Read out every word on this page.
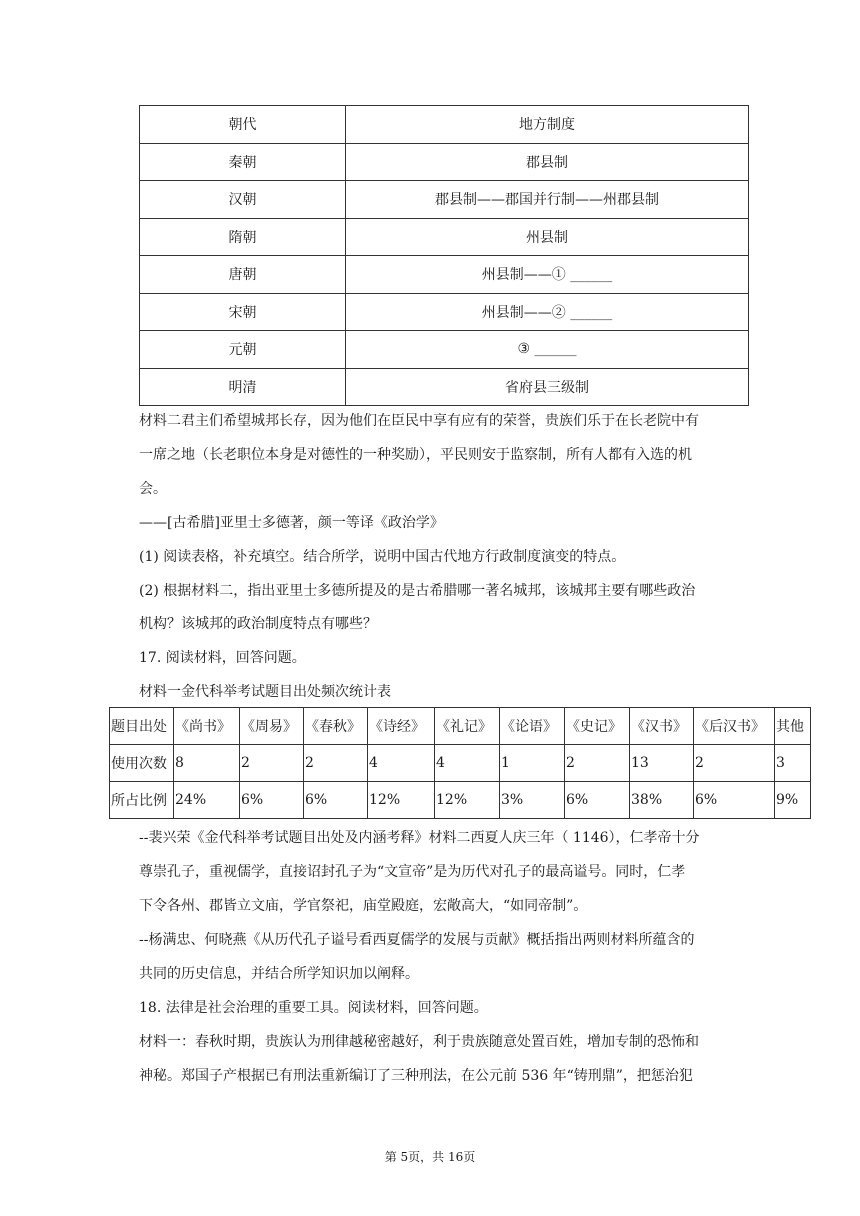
朝代	地方制度
秦朝	郡县制
汉朝	郡县制——郡国并行制——州郡县制
隋朝	州县制
唐朝	州县制——① ______
宋朝	州县制——② ______
元朝	③ ______
明清	省府县三级制
材料二君主们希望城邦长存，因为他们在臣民中享有应有的荣誉，贵族们乐于在长老院中有
一席之地（长老职位本身是对德性的一种奖励），平民则安于监察制，所有人都有入选的机
会。
——[古希腊]亚里士多德著，颜一等译《政治学》
(1) 阅读表格，补充填空。结合所学，说明中国古代地方行政制度演变的特点。
(2) 根据材料二，指出亚里士多德所提及的是古希腊哪一著名城邦，该城邦主要有哪些政治
机构？该城邦的政治制度特点有哪些？
17. 阅读材料，回答问题。
材料一金代科举考试题目出处频次统计表
题目出处	《尚书》	《周易》	《春秋》	《诗经》	《礼记》	《论语》	《史记》	《汉书》	《后汉书》	其他
使用次数	8	2	2	4	4	1	2	13	2	3
所占比例	24%	6%	6%	12%	12%	3%	6%	38%	6%	9%
--裴兴荣《金代科举考试题目出处及内涵考释》材料二西夏人庆三年（ 1146），仁孝帝十分
尊崇孔子，重视儒学，直接诏封孔子为“文宣帝”是为历代对孔子的最高谥号。同时，仁孝
下令各州、郡皆立文庙，学官祭祀，庙堂殿庭，宏敞高大，“如同帝制”。
--杨满忠、何晓燕《从历代孔子谥号看西夏儒学的发展与贡献》概括指出两则材料所蕴含的
共同的历史信息，并结合所学知识加以阐释。
18. 法律是社会治理的重要工具。阅读材料，回答问题。
材料一：春秋时期，贵族认为刑律越秘密越好，利于贵族随意处置百姓，增加专制的恐怖和
神秘。郑国子产根据已有刑法重新编订了三种刑法，在公元前 536 年“铸刑鼎”，把惩治犯
第 5页，共 16页
